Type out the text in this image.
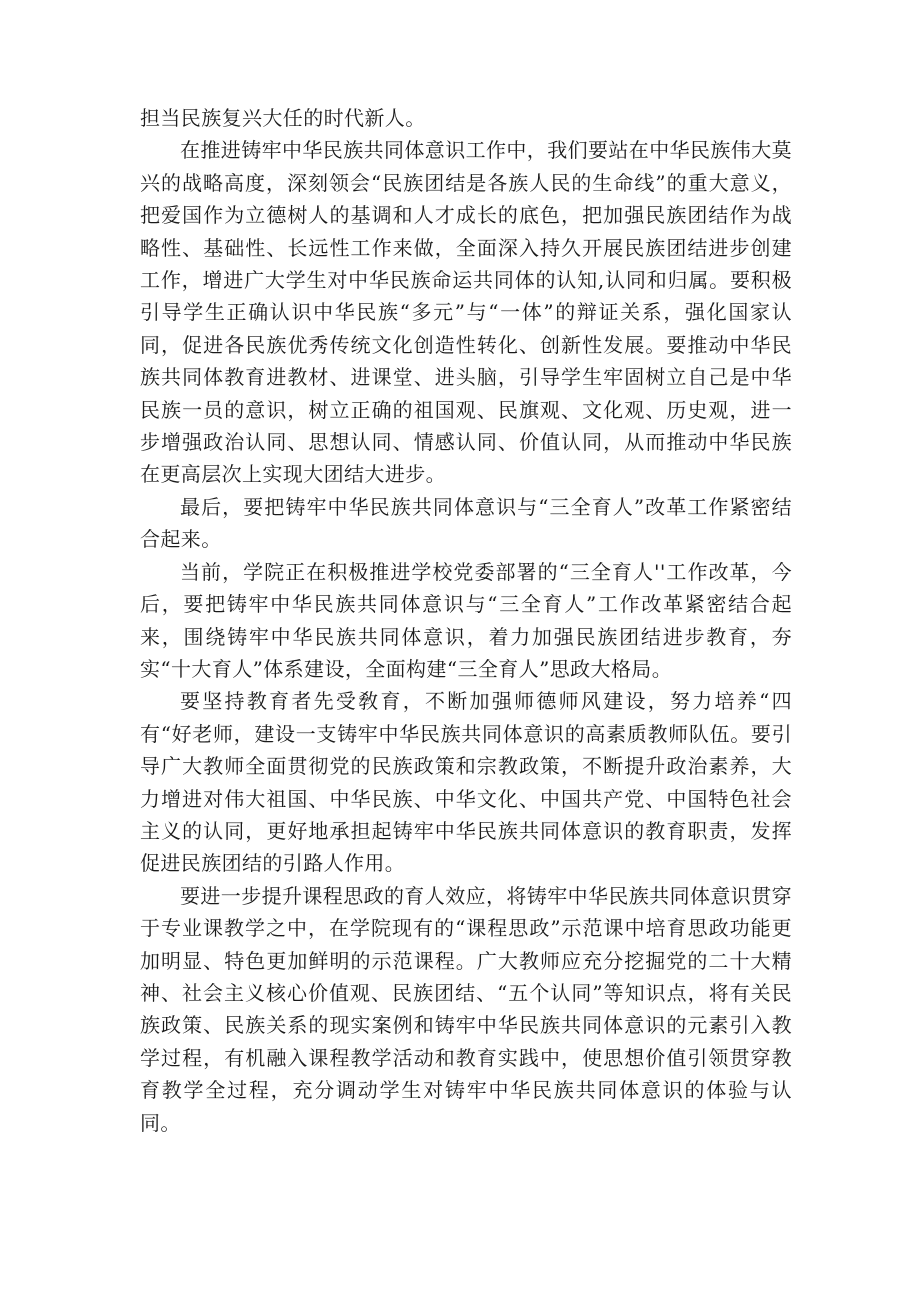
担当民族复兴大任的时代新人。

在推进铸牢中华民族共同体意识工作中，我们要站在中华民族伟大莫兴的战略高度，深刻领会“民族团结是各族人民的生命线”的重大意义，把爱国作为立德树人的基调和人才成长的底色，把加强民族团结作为战略性、基础性、长远性工作来做，全面深入持久开展民族团结进步创建工作，增进广大学生对中华民族命运共同体的认知,认同和归属。要积极引导学生正确认识中华民族“多元”与“一体”的辩证关系，强化国家认同，促进各民族优秀传统文化创造性转化、创新性发展。要推动中华民族共同体教育进教材、进课堂、进头脑，引导学生牢固树立自己是中华民族一员的意识，树立正确的祖国观、民旗观、文化观、历史观，进一步增强政治认同、思想认同、情感认同、价值认同，从而推动中华民族在更高层次上实现大团结大进步。

最后，要把铸牢中华民族共同体意识与“三全育人”改革工作紧密结合起来。

当前，学院正在积极推进学校党委部署的“三全育人''工作改革，今后，要把铸牢中华民族共同体意识与“三全育人”工作改革紧密结合起来，围绕铸牢中华民族共同体意识，着力加强民族团结进步教育，夯实“十大育人”体系建设，全面构建“三全育人”思政大格局。

要坚持教育者先受敎育，不断加强师德师风建设，努力培养“四有“好老师，建设一支铸牢中华民族共同体意识的高素质教师队伍。要引导广大教师全面贯彻党的民族政策和宗教政策，不断提升政治素养，大力增进对伟大祖国、中华民族、中华文化、中国共产党、中国特色社会主义的认同，更好地承担起铸牢中华民族共同体意识的教育职责，发挥促进民族团结的引路人作用。

要进一步提升课程思政的育人效应，将铸牢中华民族共同体意识贯穿于专业课教学之中，在学院现有的“课程思政”示范课中培育思政功能更加明显、特色更加鲜明的示范课程。广大教师应充分挖掘党的二十大精神、社会主义核心价值观、民族团结、“五个认同”等知识点，将有关民族政策、民族关系的现实案例和铸牢中华民族共同体意识的元素引入教学过程，有机融入课程教学活动和教育实践中，使思想价值引领贯穿教育教学全过程，充分调动学生对铸牢中华民族共同体意识的体验与认同。
